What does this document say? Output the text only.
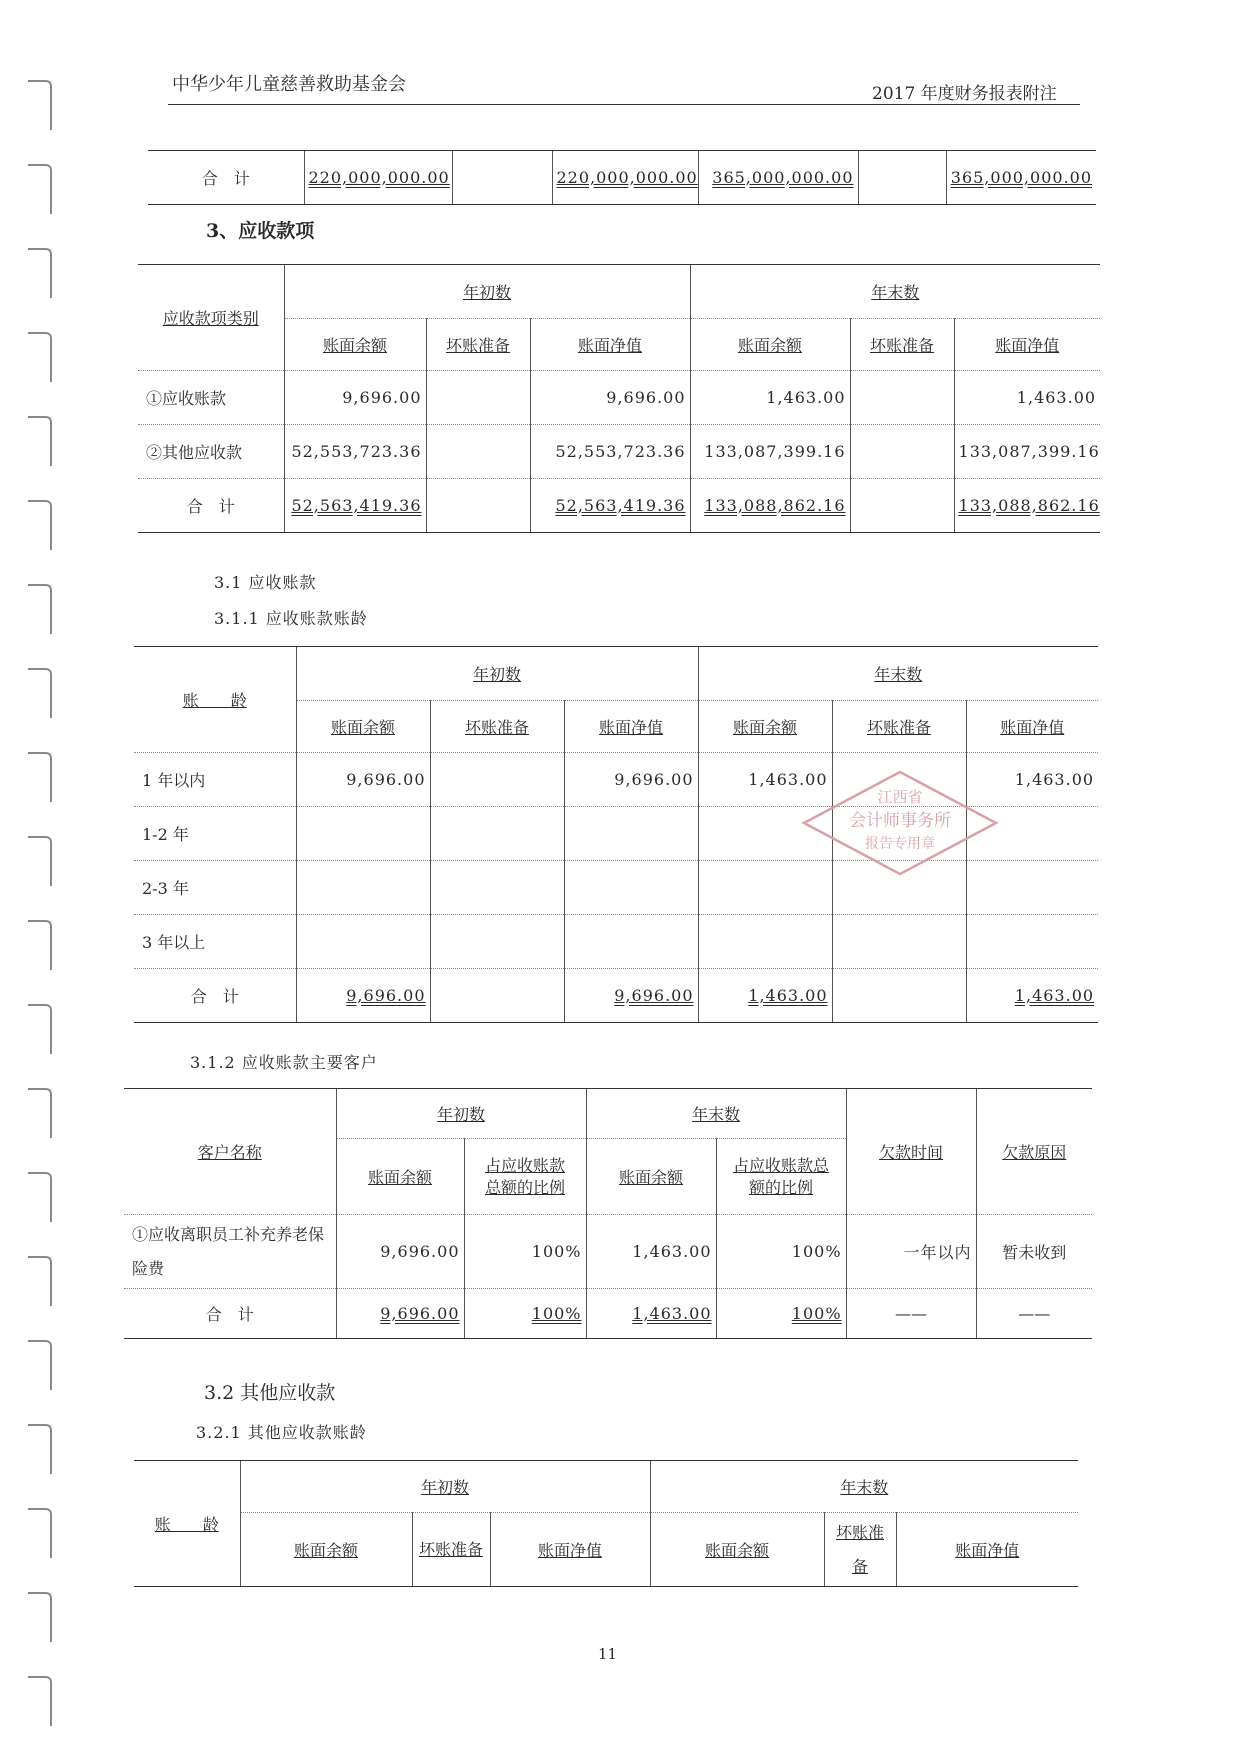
中华少年儿童慈善救助基金会	2017 年度财务报表附注
合　计	220,000,000.00		220,000,000.00	365,000,000.00		365,000,000.00
3、应收款项
应收款项类别	年初数			年末数		
	账面余额	坏账准备	账面净值	账面余额	坏账准备	账面净值
①应收账款	9,696.00		9,696.00	1,463.00		1,463.00
②其他应收款	52,553,723.36		52,553,723.36	133,087,399.16		133,087,399.16
合　计	52,563,419.36		52,563,419.36	133,088,862.16		133,088,862.16
3.1 应收账款
3.1.1 应收账款账龄
账　　龄	年初数			年末数		
	账面余额	坏账准备	账面净值	账面余额	坏账准备	账面净值
1 年以内	9,696.00		9,696.00	1,463.00		1,463.00
1-2 年						
2-3 年						
3 年以上						
合　计	9,696.00		9,696.00	1,463.00		1,463.00
江西省
会计师事务所
报告专用章
3.1.2 应收账款主要客户
客户名称	年初数		年末数		欠款时间	欠款原因
	账面余额	占应收账款总额的比例	账面余额	占应收账款总额的比例		
①应收离职员工补充养老保险费	9,696.00	100%	1,463.00	100%	一年以内	暂未收到
合　计	9,696.00	100%	1,463.00	100%	——	——
3.2 其他应收款
3.2.1 其他应收款账龄
账　　龄	年初数			年末数		
	账面余额	坏账准备	账面净值	账面余额	坏账准备	账面净值
11
